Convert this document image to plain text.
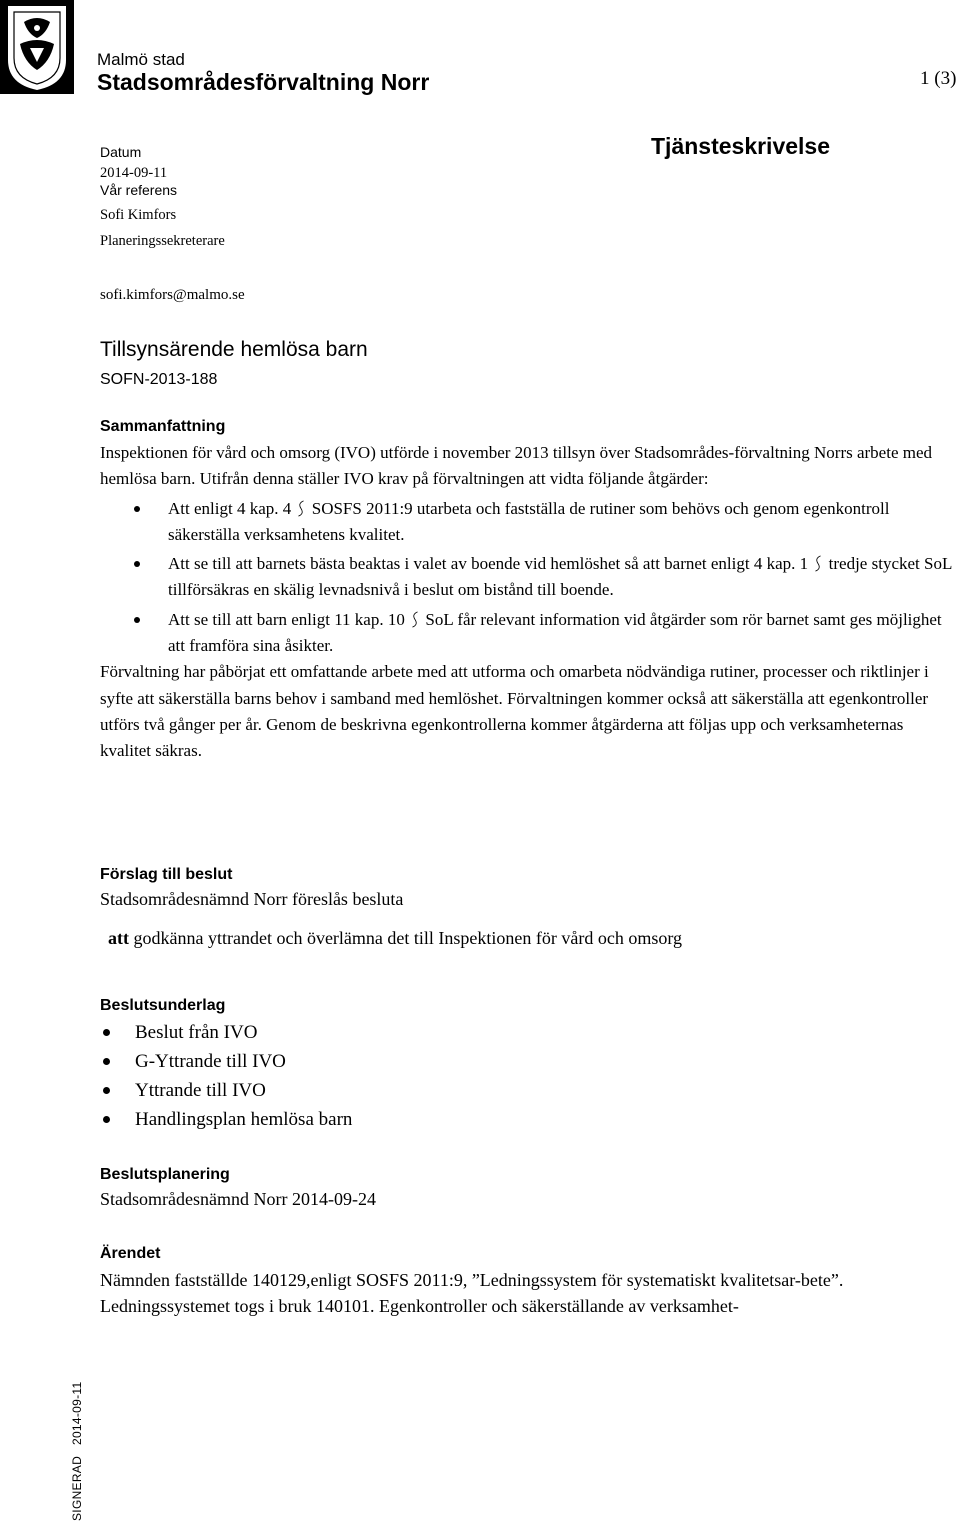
Malmö stad
Stadsområdesförvaltning Norr	1 (3)
Datum
2014-09-11
Vår referens
Sofi Kimfors
Planeringssekreterare
Tjänsteskrivelse
sofi.kimfors@malmo.se
Tillsynsärende hemlösa barn
SOFN-2013-188
Sammanfattning
Inspektionen för vård och omsorg (IVO) utförde i november 2013 tillsyn över Stadsområdes-förvaltning Norrs arbete med hemlösa barn. Utifrån denna ställer IVO krav på förvaltningen att vidta följande åtgärder:
Att enligt 4 kap. 4  SOSFS 2011:9 utarbeta och fastställa de rutiner som behövs och genom egenkontroll säkerställa verksamhetens kvalitet.
Att se till att barnets bästa beaktas i valet av boende vid hemlöshet så att barnet enligt 4 kap. 1  tredje stycket SoL tillförsäkras en skälig levnadsnivå i beslut om bistånd till boende.
Att se till att barn enligt 11 kap. 10  SoL får relevant information vid åtgärder som rör barnet samt ges möjlighet att framföra sina åsikter.
Förvaltning har påbörjat ett omfattande arbete med att utforma och omarbeta nödvändiga rutiner, processer och riktlinjer i syfte att säkerställa barns behov i samband med hemlöshet. Förvaltningen kommer också att säkerställa att egenkontroller utförs två gånger per år. Genom de beskrivna egenkontrollerna kommer åtgärderna att följas upp och verksamheternas kvalitet säkras.
Förslag till beslut
Stadsområdesnämnd Norr föreslås besluta
att godkänna yttrandet och överlämna det till Inspektionen för vård och omsorg
Beslutsunderlag
Beslut från IVO
G-Yttrande till IVO
Yttrande till IVO
Handlingsplan hemlösa barn
Beslutsplanering
Stadsområdesnämnd Norr 2014-09-24
Ärendet
Nämnden fastställde 140129,enligt SOSFS 2011:9, ”Ledningssystem för systematiskt kvalitetsar-bete”. Ledningssystemet togs i bruk 140101. Egenkontroller och säkerställande av verksamhet-
SIGNERAD   2014-09-11
